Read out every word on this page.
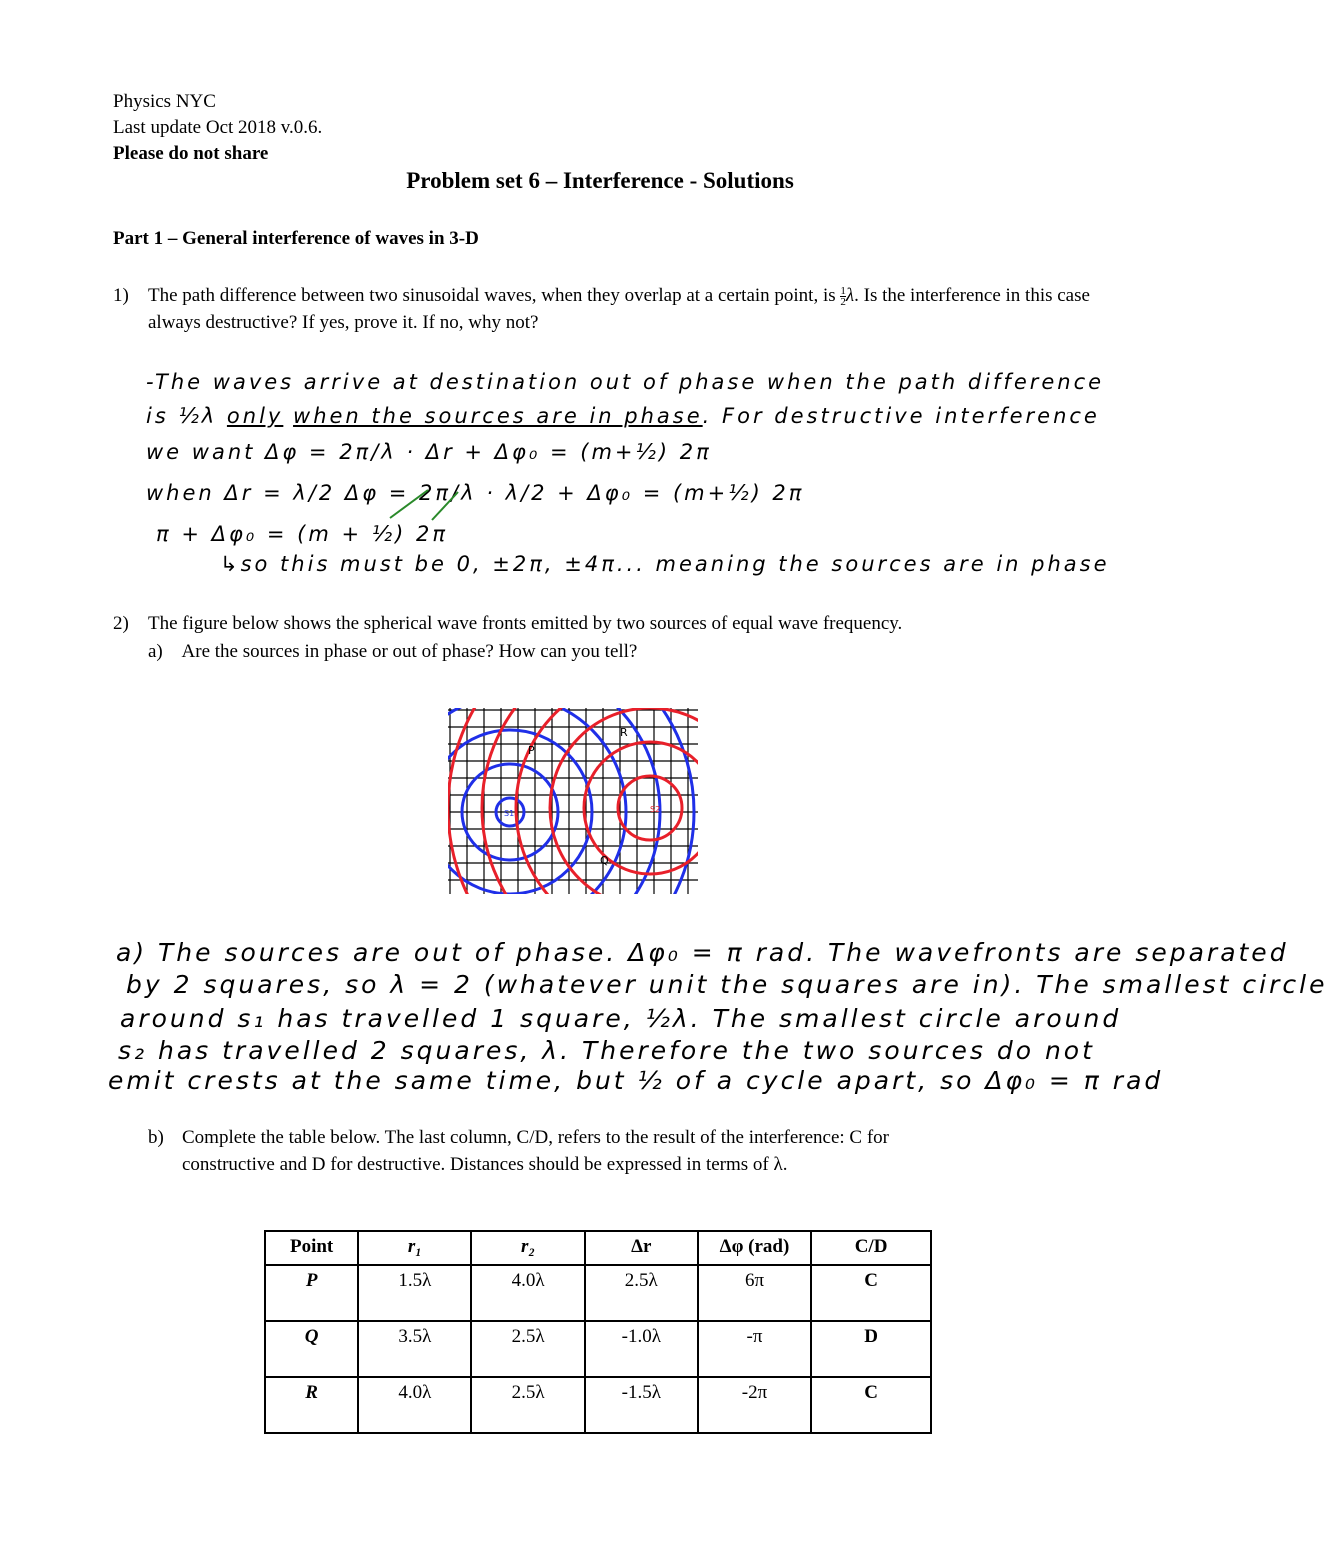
Physics NYC
Last update Oct 2018 v.0.6.
Please do not share
Problem set 6 – Interference - Solutions
Part 1 – General interference of waves in 3-D
1) The path difference between two sinusoidal waves, when they overlap at a certain point, is $\frac{1}{2} \lambda$. Is the interference in this case always destructive? If yes, prove it. If no, why not?
-The waves arrive at destination out of phase when the path difference
is ½λ only when the sources are in phase. For destructive interference
we want Δφ = 2π/λ · Δr + Δφ₀ = (m+½) 2π
when Δr = λ/2 Δφ = 2π/λ · λ/2 + Δφ₀ = (m+½) 2π
π + Δφ₀ = (m + ½) 2π
↳so this must be 0, ±2π, ±4π... meaning the sources are in phase
2) The figure below shows the spherical wave fronts emitted by two sources of equal wave frequency.
a) Are the sources in phase or out of phase? How can you tell?
P
R
Q
S1	S2
a) The sources are out of phase. Δφ₀ = π rad. The wavefronts are separated
by 2 squares, so λ = 2 (whatever unit the squares are in). The smallest circle
around s₁ has travelled 1 square, ½λ. The smallest circle around
s₂ has travelled 2 squares, λ. Therefore the two sources do not
emit crests at the same time, but ½ of a cycle apart, so Δφ₀ = π rad
b) Complete the table below. The last column, C/D, refers to the result of the interference: C for
constructive and D for destructive. Distances should be expressed in terms of λ.
Point	r₁	r₂	Δr	Δφ (rad)	C/D
P	1.5λ	4.0λ	2.5λ	6π	C
Q	3.5λ	2.5λ	-1.0λ	-π	D
R	4.0λ	2.5λ	-1.5λ	-2π	C
